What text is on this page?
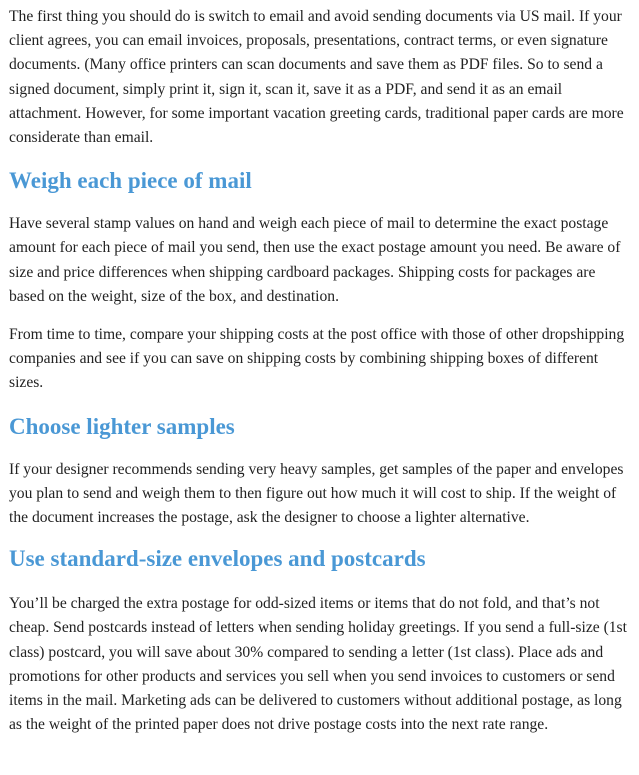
The first thing you should do is switch to email and avoid sending documents via US mail. If your client agrees, you can email invoices, proposals, presentations, contract terms, or even signature documents. (Many office printers can scan documents and save them as PDF files. So to send a signed document, simply print it, sign it, scan it, save it as a PDF, and send it as an email attachment. However, for some important vacation greeting cards, traditional paper cards are more considerate than email.

Weigh each piece of mail

Have several stamp values on hand and weigh each piece of mail to determine the exact postage amount for each piece of mail you send, then use the exact postage amount you need. Be aware of size and price differences when shipping cardboard packages. Shipping costs for packages are based on the weight, size of the box, and destination.

From time to time, compare your shipping costs at the post office with those of other dropshipping companies and see if you can save on shipping costs by combining shipping boxes of different sizes.

Choose lighter samples

If your designer recommends sending very heavy samples, get samples of the paper and envelopes you plan to send and weigh them to then figure out how much it will cost to ship. If the weight of the document increases the postage, ask the designer to choose a lighter alternative.

Use standard-size envelopes and postcards

You’ll be charged the extra postage for odd-sized items or items that do not fold, and that’s not cheap. Send postcards instead of letters when sending holiday greetings. If you send a full-size (1st class) postcard, you will save about 30% compared to sending a letter (1st class). Place ads and promotions for other products and services you sell when you send invoices to customers or send items in the mail. Marketing ads can be delivered to customers without additional postage, as long as the weight of the printed paper does not drive postage costs into the next rate range.
